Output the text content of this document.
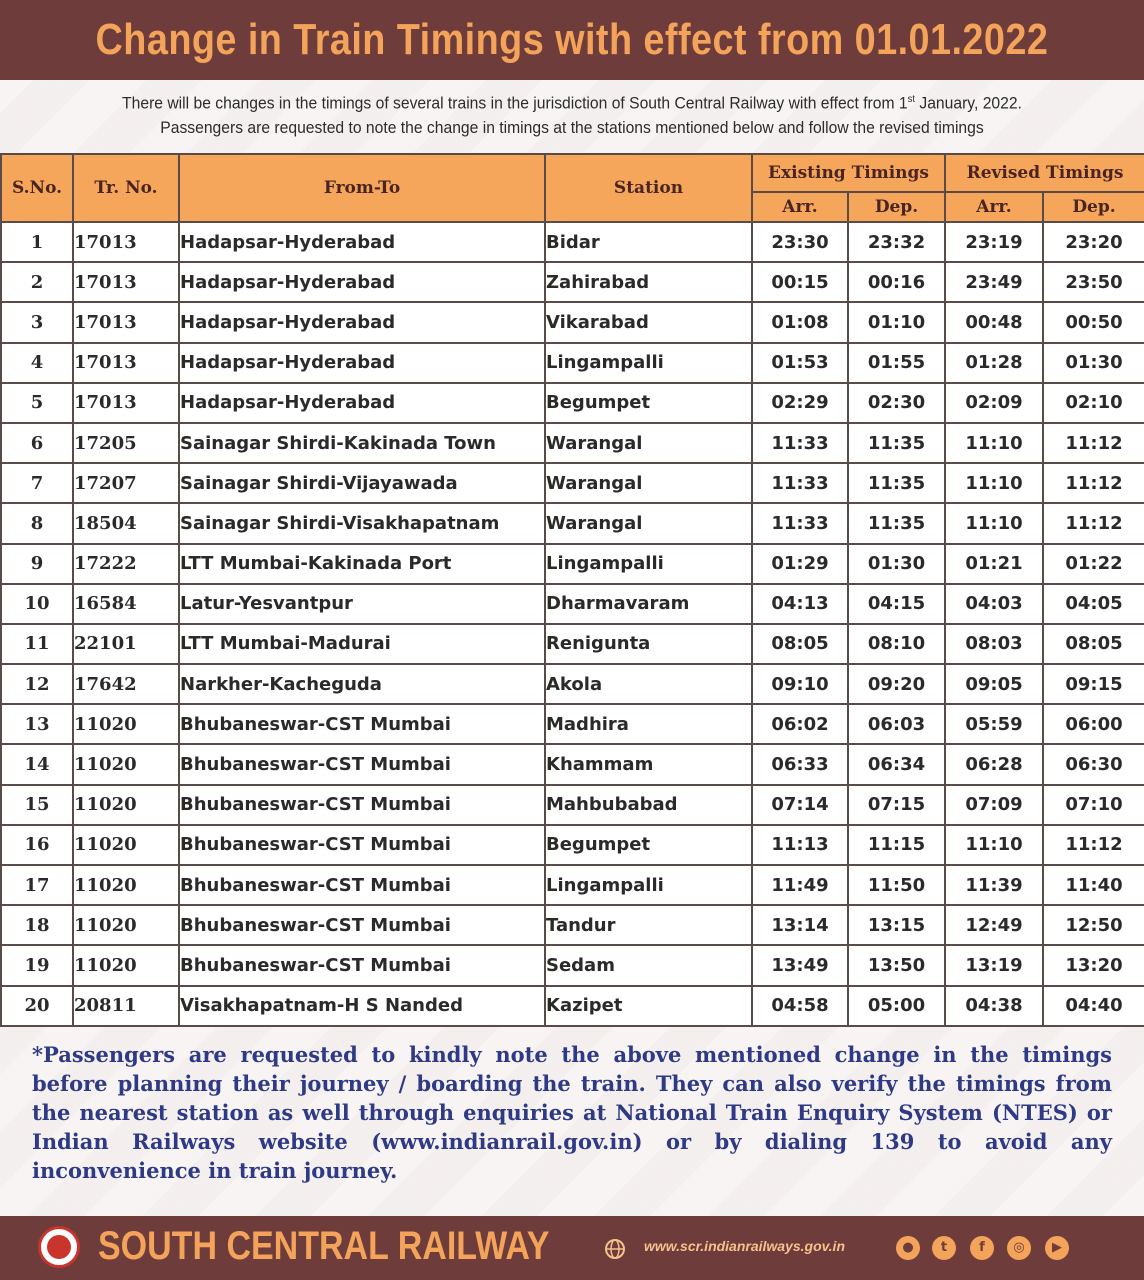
Change in Train Timings with effect from 01.01.2022
There will be changes in the timings of several trains in the jurisdiction of South Central Railway with effect from 1st January, 2022.
Passengers are requested to note the change in timings at the stations mentioned below and follow the revised timings
S.No.	Tr. No.	From-To	Station	Existing Timings		Revised Timings	
				Arr.	Dep.	Arr.	Dep.
1	17013	Hadapsar-Hyderabad	Bidar	23:30	23:32	23:19	23:20
2	17013	Hadapsar-Hyderabad	Zahirabad	00:15	00:16	23:49	23:50
3	17013	Hadapsar-Hyderabad	Vikarabad	01:08	01:10	00:48	00:50
4	17013	Hadapsar-Hyderabad	Lingampalli	01:53	01:55	01:28	01:30
5	17013	Hadapsar-Hyderabad	Begumpet	02:29	02:30	02:09	02:10
6	17205	Sainagar Shirdi-Kakinada Town	Warangal	11:33	11:35	11:10	11:12
7	17207	Sainagar Shirdi-Vijayawada	Warangal	11:33	11:35	11:10	11:12
8	18504	Sainagar Shirdi-Visakhapatnam	Warangal	11:33	11:35	11:10	11:12
9	17222	LTT Mumbai-Kakinada Port	Lingampalli	01:29	01:30	01:21	01:22
10	16584	Latur-Yesvantpur	Dharmavaram	04:13	04:15	04:03	04:05
11	22101	LTT Mumbai-Madurai	Renigunta	08:05	08:10	08:03	08:05
12	17642	Narkher-Kacheguda	Akola	09:10	09:20	09:05	09:15
13	11020	Bhubaneswar-CST Mumbai	Madhira	06:02	06:03	05:59	06:00
14	11020	Bhubaneswar-CST Mumbai	Khammam	06:33	06:34	06:28	06:30
15	11020	Bhubaneswar-CST Mumbai	Mahbubabad	07:14	07:15	07:09	07:10
16	11020	Bhubaneswar-CST Mumbai	Begumpet	11:13	11:15	11:10	11:12
17	11020	Bhubaneswar-CST Mumbai	Lingampalli	11:49	11:50	11:39	11:40
18	11020	Bhubaneswar-CST Mumbai	Tandur	13:14	13:15	12:49	12:50
19	11020	Bhubaneswar-CST Mumbai	Sedam	13:49	13:50	13:19	13:20
20	20811	Visakhapatnam-H S Nanded	Kazipet	04:58	05:00	04:38	04:40
*Passengers are requested to kindly note the above mentioned change in the timings before planning their journey / boarding the train. They can also verify the timings from the nearest station as well through enquiries at National Train Enquiry System (NTES) or Indian Railways website (www.indianrail.gov.in) or by dialing 139 to avoid any inconvenience in train journey.
SOUTH CENTRAL RAILWAY	www.scr.indianrailways.gov.in	●	t	f	◎	▶
